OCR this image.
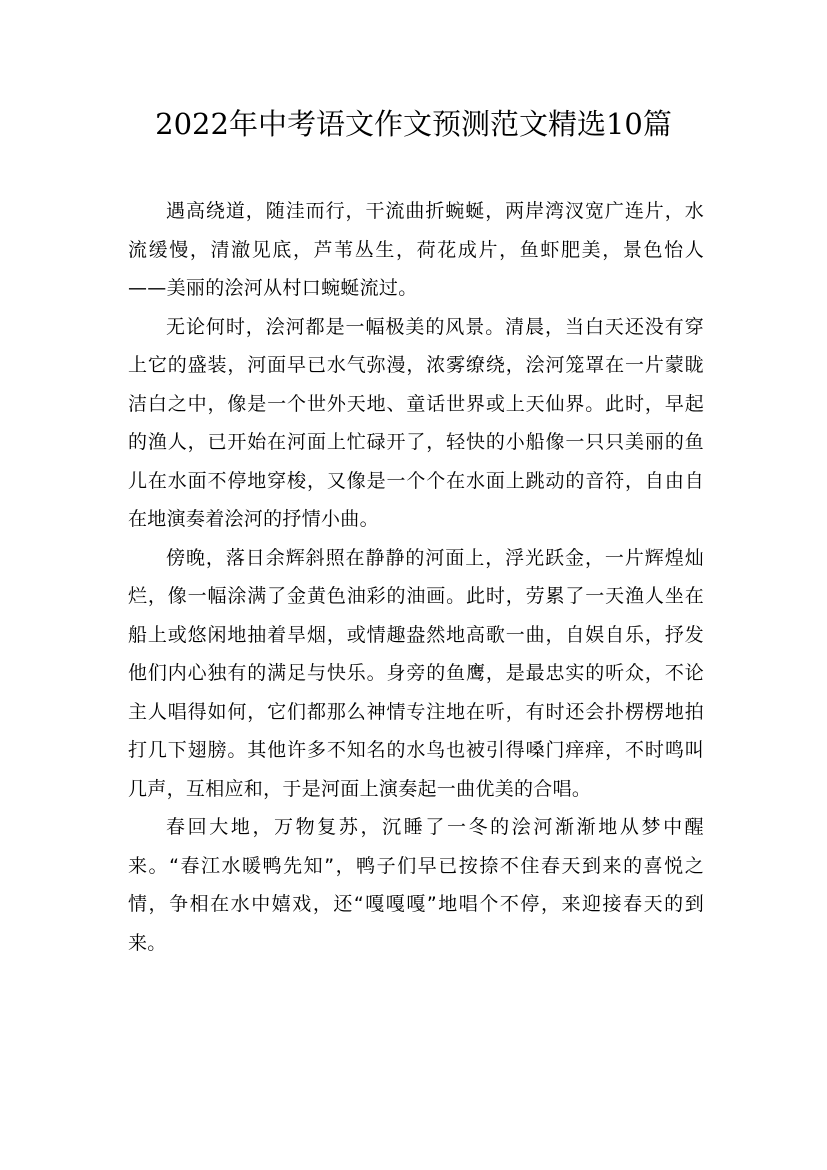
2022年中考语文作文预测范文精选10篇

遇高绕道，随洼而行，干流曲折蜿蜒，两岸湾汊宽广连片，水流缓慢，清澈见底，芦苇丛生，荷花成片，鱼虾肥美，景色怡人——美丽的浍河从村口蜿蜒流过。

无论何时，浍河都是一幅极美的风景。清晨，当白天还没有穿上它的盛装，河面早已水气弥漫，浓雾缭绕，浍河笼罩在一片蒙眬洁白之中，像是一个世外天地、童话世界或上天仙界。此时，早起的渔人，已开始在河面上忙碌开了，轻快的小船像一只只美丽的鱼儿在水面不停地穿梭，又像是一个个在水面上跳动的音符，自由自在地演奏着浍河的抒情小曲。

傍晚，落日余辉斜照在静静的河面上，浮光跃金，一片辉煌灿烂，像一幅涂满了金黄色油彩的油画。此时，劳累了一天渔人坐在船上或悠闲地抽着旱烟，或情趣盎然地高歌一曲，自娱自乐，抒发他们内心独有的满足与快乐。身旁的鱼鹰，是最忠实的听众，不论主人唱得如何，它们都那么神情专注地在听，有时还会扑楞楞地拍打几下翅膀。其他许多不知名的水鸟也被引得嗓门痒痒，不时鸣叫几声，互相应和，于是河面上演奏起一曲优美的合唱。

春回大地，万物复苏，沉睡了一冬的浍河渐渐地从梦中醒来。“春江水暖鸭先知”，鸭子们早已按捺不住春天到来的喜悦之情，争相在水中嬉戏，还“嘎嘎嘎”地唱个不停，来迎接春天的到来。
